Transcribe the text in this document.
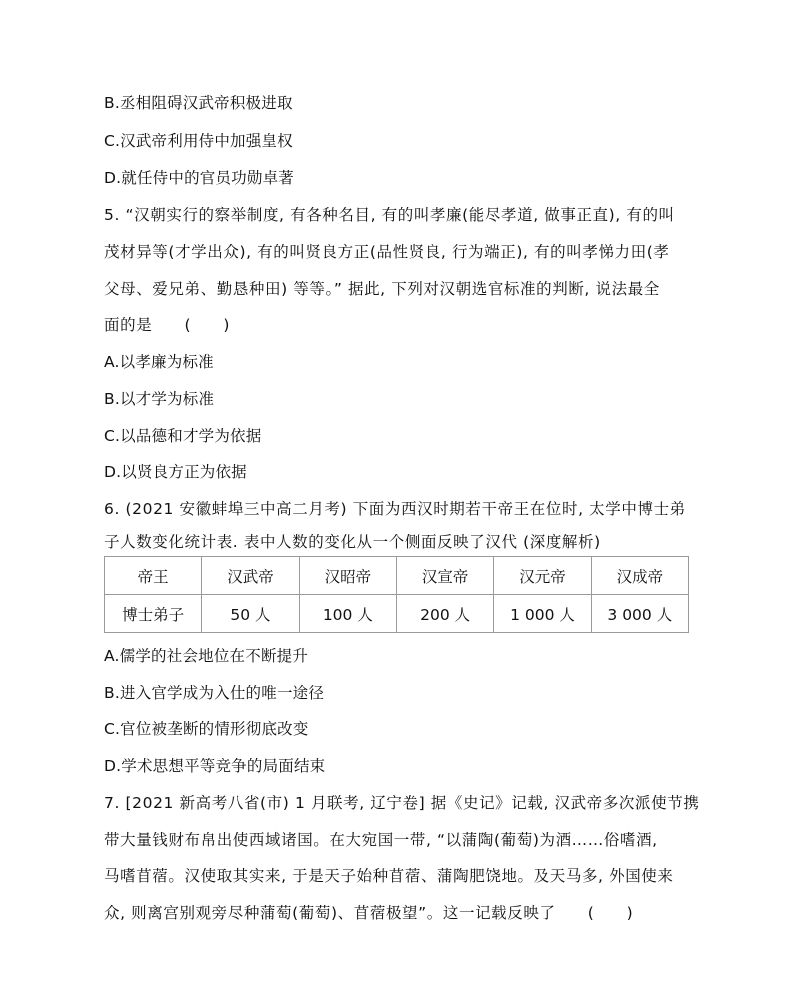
B.丞相阻碍汉武帝积极进取
C.汉武帝利用侍中加强皇权
D.就任侍中的官员功勋卓著
5. “汉朝实行的察举制度, 有各种名目, 有的叫孝廉(能尽孝道, 做事正直), 有的叫
茂材异等(才学出众), 有的叫贤良方正(品性贤良, 行为端正), 有的叫孝悌力田(孝
父母、爱兄弟、勤恳种田) 等等。” 据此, 下列对汉朝选官标准的判断, 说法最全
面的是　　(　　)
A.以孝廉为标准
B.以才学为标准
C.以品德和才学为依据
D.以贤良方正为依据
6. (2021 安徽蚌埠三中高二月考) 下面为西汉时期若干帝王在位时, 太学中博士弟
子人数变化统计表. 表中人数的变化从一个侧面反映了汉代 (深度解析)
帝王	汉武帝	汉昭帝	汉宣帝	汉元帝	汉成帝
博士弟子	50 人	100 人	200 人	1 000 人	3 000 人
A.儒学的社会地位在不断提升
B.进入官学成为入仕的唯一途径
C.官位被垄断的情形彻底改变
D.学术思想平等竞争的局面结束
7. [2021 新高考八省(市) 1 月联考, 辽宁卷] 据《史记》记载, 汉武帝多次派使节携
带大量钱财布帛出使西域诸国。在大宛国一带, “以蒲陶(葡萄)为酒……俗嗜酒,
马嗜苜蓿。汉使取其实来, 于是天子始种苜蓿、蒲陶肥饶地。及天马多, 外国使来
众, 则离宫别观旁尽种蒲萄(葡萄)、苜蓿极望”。这一记载反映了　　(　　)
